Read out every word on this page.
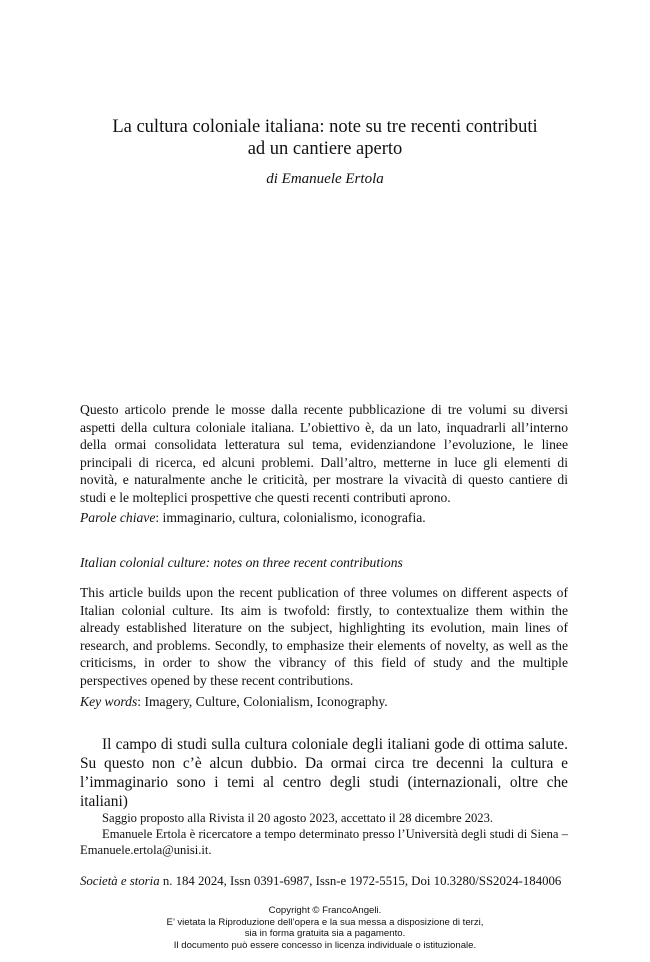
La cultura coloniale italiana: note su tre recenti contributi
ad un cantiere aperto
di Emanuele Ertola

Questo articolo prende le mosse dalla recente pubblicazione di tre volumi su diversi aspetti della cultura coloniale italiana. L’obiettivo è, da un lato, inquadrarli all’interno della ormai consolidata letteratura sul tema, evidenziandone l’evoluzione, le linee principali di ricerca, ed alcuni problemi. Dall’altro, metterne in luce gli elementi di novità, e naturalmente anche le criticità, per mostrare la vivacità di questo cantiere di studi e le molteplici prospettive che questi recenti contributi aprono.

Parole chiave: immaginario, cultura, colonialismo, iconografia.

Italian colonial culture: notes on three recent contributions

This article builds upon the recent publication of three volumes on different aspects of Italian colonial culture. Its aim is twofold: firstly, to contextualize them within the already established literature on the subject, highlighting its evolution, main lines of research, and problems. Secondly, to emphasize their elements of novelty, as well as the criticisms, in order to show the vibrancy of this field of study and the multiple perspectives opened by these recent contributions.

Key words: Imagery, Culture, Colonialism, Iconography.

Il campo di studi sulla cultura coloniale degli italiani gode di ottima salute. Su questo non c’è alcun dubbio. Da ormai circa tre decenni la cultura e l’immaginario sono i temi al centro degli studi (internazionali, oltre che italiani)

Saggio proposto alla Rivista il 20 agosto 2023, accettato il 28 dicembre 2023.

Emanuele Ertola è ricercatore a tempo determinato presso l’Università degli studi di Siena – Emanuele.ertola@unisi.it.

Società e storia n. 184 2024, Issn 0391-6987, Issn-e 1972-5515, Doi 10.3280/SS2024-184006
Copyright © FrancoAngeli.
E’ vietata la Riproduzione dell’opera e la sua messa a disposizione di terzi,
sia in forma gratuita sia a pagamento.
Il documento può essere concesso in licenza individuale o istituzionale.
